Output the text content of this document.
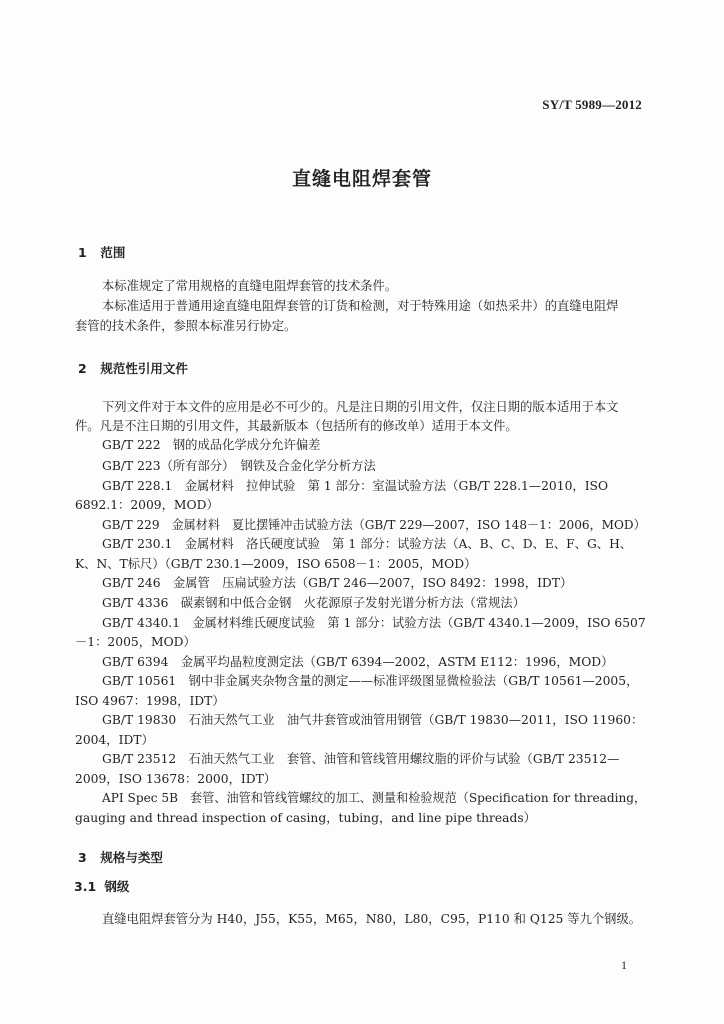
SY/T 5989—2012
直缝电阻焊套管
1 范围
本标准规定了常用规格的直缝电阻焊套管的技术条件。
本标准适用于普通用途直缝电阻焊套管的订货和检测，对于特殊用途（如热采井）的直缝电阻焊
套管的技术条件，参照本标准另行协定。
2 规范性引用文件
下列文件对于本文件的应用是必不可少的。凡是注日期的引用文件，仅注日期的版本适用于本文
件。凡是不注日期的引用文件，其最新版本（包括所有的修改单）适用于本文件。
GB/T 222　钢的成品化学成分允许偏差
GB/T 223（所有部分）　钢铁及合金化学分析方法
GB/T 228.1　金属材料　拉伸试验　第 1 部分：室温试验方法（GB/T 228.1—2010，ISO
6892.1：2009，MOD）
GB/T 229　金属材料　夏比摆锤冲击试验方法（GB/T 229—2007，ISO 148－1：2006，MOD）
GB/T 230.1　金属材料　洛氏硬度试验　第 1 部分：试验方法（A、B、C、D、E、F、G、H、
K、N、T标尺）（GB/T 230.1—2009，ISO 6508－1：2005，MOD）
GB/T 246　金属管　压扁试验方法（GB/T 246—2007，ISO 8492：1998，IDT）
GB/T 4336　碳素钢和中低合金钢　火花源原子发射光谱分析方法（常规法）
GB/T 4340.1　金属材料维氏硬度试验　第 1 部分：试验方法（GB/T 4340.1—2009，ISO 6507
－1：2005，MOD）
GB/T 6394　金属平均晶粒度测定法（GB/T 6394—2002，ASTM E112：1996，MOD）
GB/T 10561　钢中非金属夹杂物含量的测定——标准评级图显微检验法（GB/T 10561—2005，
ISO 4967：1998，IDT）
GB/T 19830　石油天然气工业　油气井套管或油管用钢管（GB/T 19830—2011，ISO 11960：
2004，IDT）
GB/T 23512　石油天然气工业　套管、油管和管线管用螺纹脂的评价与试验（GB/T 23512—
2009，ISO 13678：2000，IDT）
API Spec 5B　套管、油管和管线管螺纹的加工、测量和检验规范（Specification for threading，
gauging and thread inspection of casing，tubing，and line pipe threads）
3 规格与类型
3.1 钢级
直缝电阻焊套管分为 H40，J55，K55，M65，N80，L80，C95，P110 和 Q125 等九个钢级。
1
